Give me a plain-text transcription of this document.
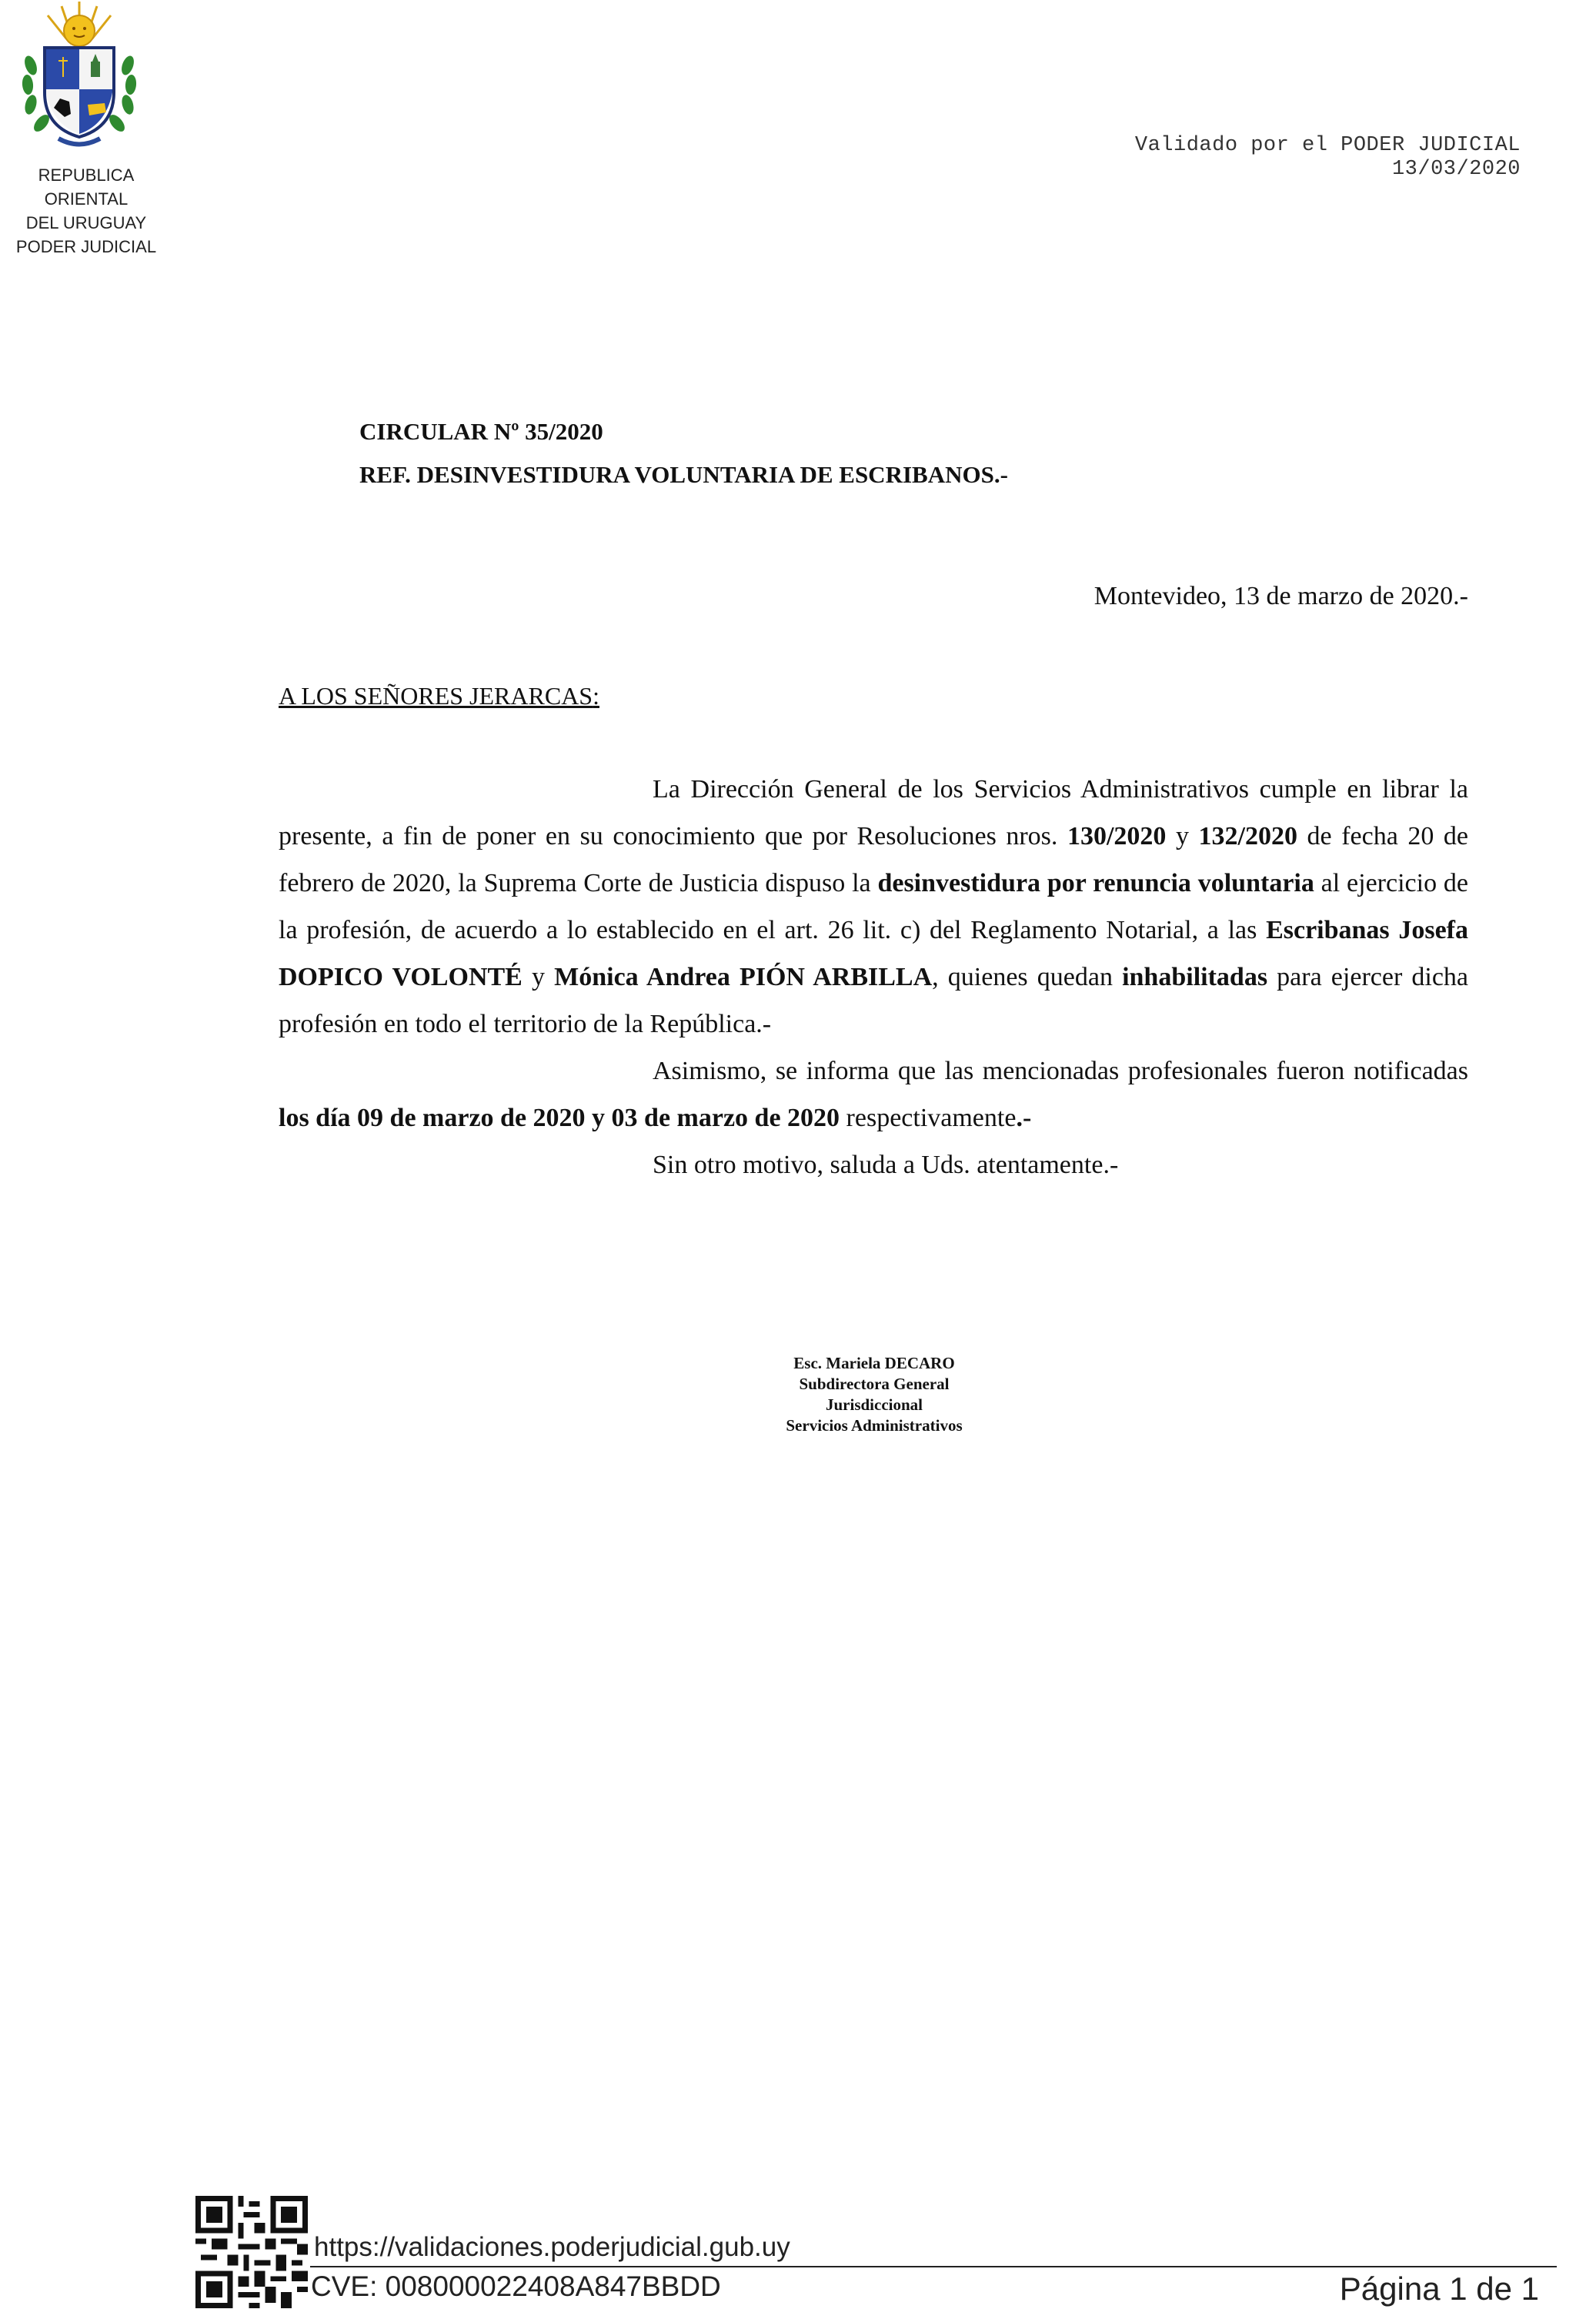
REPUBLICA ORIENTAL
DEL URUGUAY
PODER JUDICIAL
Validado por el PODER JUDICIAL
13/03/2020
CIRCULAR Nº 35/2020
REF. DESINVESTIDURA VOLUNTARIA DE ESCRIBANOS.-
Montevideo, 13 de marzo de 2020.-
A LOS SEÑORES JERARCAS:

La Dirección General de los Servicios Administrativos cumple en librar la presente, a fin de poner en su conocimiento que por Resoluciones nros. 130/2020 y 132/2020 de fecha 20 de febrero de 2020, la Suprema Corte de Justicia dispuso la desinvestidura por renuncia voluntaria al ejercicio de la profesión, de acuerdo a lo establecido en el art. 26 lit. c) del Reglamento Notarial, a las Escribanas Josefa DOPICO VOLONTÉ y Mónica Andrea PIÓN ARBILLA, quienes quedan inhabilitadas para ejercer dicha profesión en todo el territorio de la República.-

Asimismo, se informa que las mencionadas profesionales fueron notificadas los día 09 de marzo de 2020 y 03 de marzo de 2020 respectivamente.-

Sin otro motivo, saluda a Uds. atentamente.-

Esc. Mariela DECARO
Subdirectora General Jurisdiccional
Servicios Administrativos
https://validaciones.poderjudicial.gub.uy
CVE: 008000022408A847BBDD	Página 1 de 1
